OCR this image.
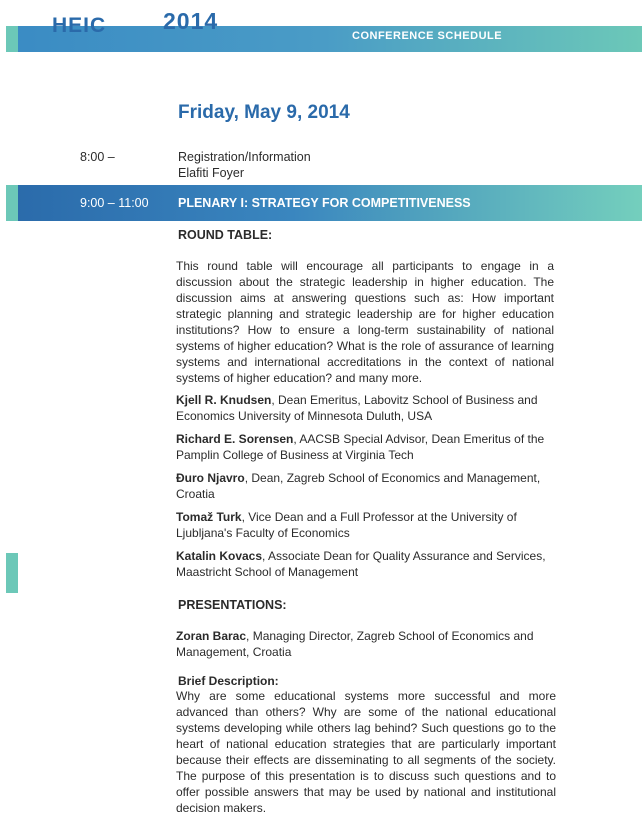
HEIC 2014
CONFERENCE SCHEDULE
Friday, May 9, 2014
8:00 –	Registration/Information
Elafiti Foyer
9:00 – 11:00 PLENARY I: STRATEGY FOR COMPETITIVENESS
ROUND TABLE:
This round table will encourage all participants to engage in a discussion about the strategic leadership in higher education. The discussion aims at answering questions such as: How important strategic planning and strategic leadership are for higher education institutions? How to ensure a long-term sustainability of national systems of higher education? What is the role of assurance of learning systems and international accreditations in the context of national systems of higher education? and many more.
Kjell R. Knudsen, Dean Emeritus, Labovitz School of Business and Economics University of Minnesota Duluth, USA
Richard E. Sorensen, AACSB Special Advisor, Dean Emeritus of the Pamplin College of Business at Virginia Tech
Đuro Njavro, Dean, Zagreb School of Economics and Management, Croatia
Tomaž Turk, Vice Dean and a Full Professor at the University of Ljubljana's Faculty of Economics
Katalin Kovacs, Associate Dean for Quality Assurance and Services, Maastricht School of Management
PRESENTATIONS:
Zoran Barac, Managing Director, Zagreb School of Economics and Management, Croatia
Brief Description:
Why are some educational systems more successful and more advanced than others? Why are some of the national educational systems developing while others lag behind? Such questions go to the heart of national education strategies that are particularly important because their effects are disseminating to all segments of the society. The purpose of this presentation is to discuss such questions and to offer possible answers that may be used by national and institutional decision makers.
